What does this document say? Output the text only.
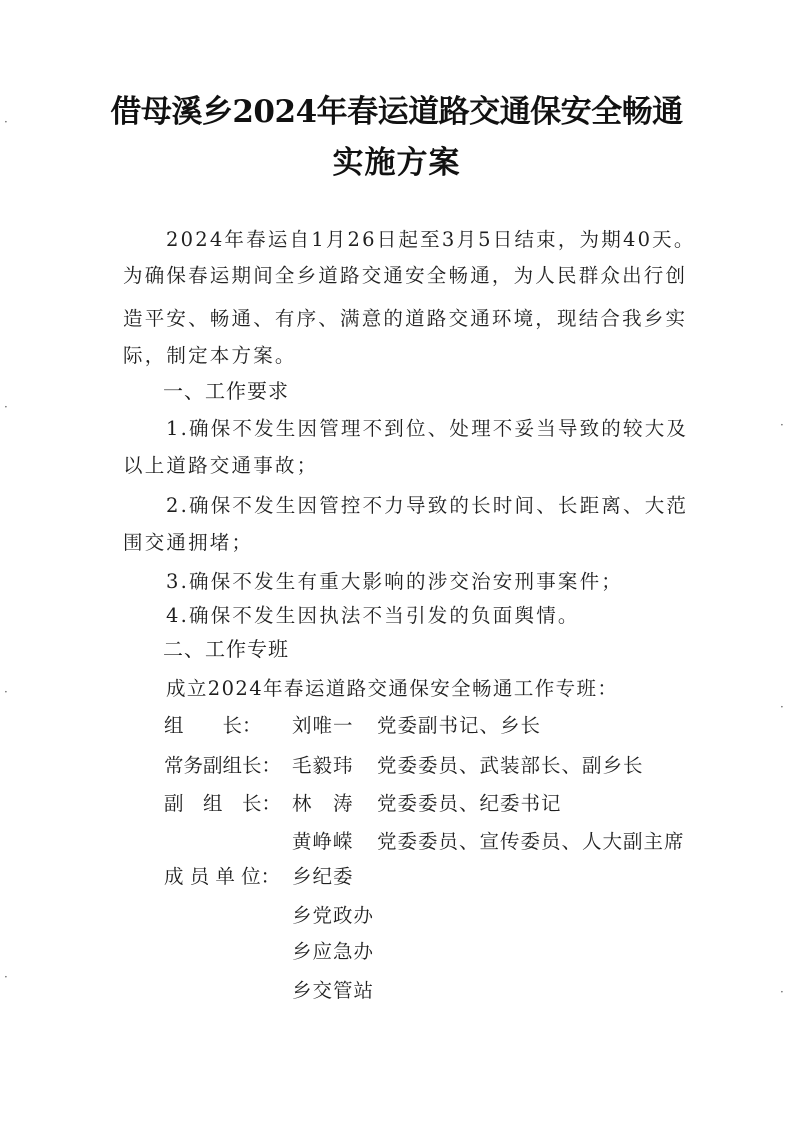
借母溪乡2024年春运道路交通保安全畅通
实施方案
2024年春运自1月26日起至3月5日结束，为期40天。
为确保春运期间全乡道路交通安全畅通，为人民群众出行创
造平安、畅通、有序、满意的道路交通环境，现结合我乡实
际，制定本方案。
一、工作要求
1.确保不发生因管理不到位、处理不妥当导致的较大及
以上道路交通事故；
2.确保不发生因管控不力导致的长时间、长距离、大范
围交通拥堵；
3.确保不发生有重大影响的涉交治安刑事案件；
4.确保不发生因执法不当引发的负面舆情。
二、工作专班
成立2024年春运道路交通保安全畅通工作专班：
组　　长： 刘唯一 党委副书记、乡长
常务副组长： 毛毅玮 党委委员、武装部长、副乡长
副　组　长： 林　涛 党委委员、纪委书记
黄峥嵘 党委委员、宣传委员、人大副主席
成 员 单 位： 乡纪委
乡党政办
乡应急办
乡交管站
·
·
·
·
·
·
·
